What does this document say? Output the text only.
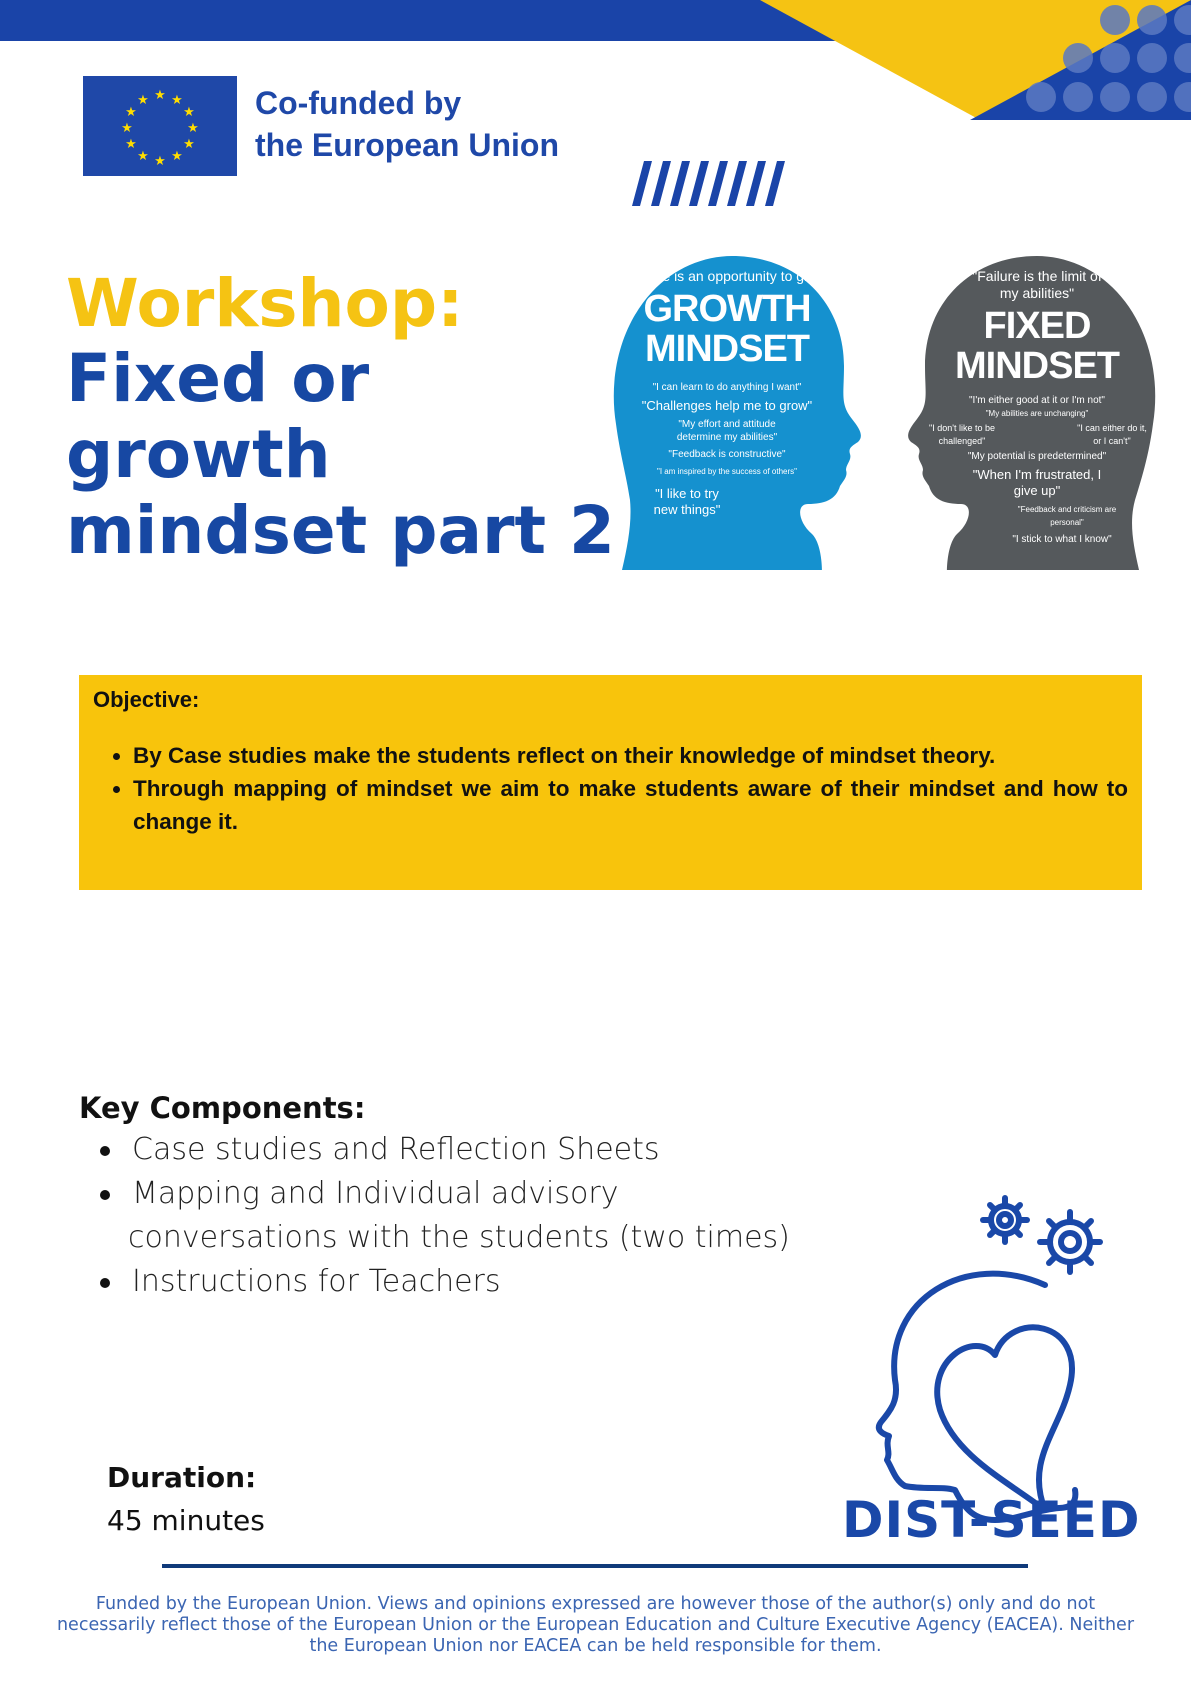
★ ★
★
★
★
★
★
★
★
★
★
★	Co-funded by
the European Union
Workshop:
Fixed or growth mindset part 2
"Failure is an opportunity to grow"
GROWTH
MINDSET
"I can learn to do anything I want"
"Challenges help me to grow"
"My effort and attitude determine my abilities"
"Feedback is constructive"
"I am inspired by the success of others"
"I like to try new things"
"Failure is the limit of my abilities"
FIXED
MINDSET
"I'm either good at it or I'm not"
"My abilities are unchanging"
"I don't like to be challenged"
"I can either do it, or I can't"
"My potential is predetermined"
"When I'm frustrated, I give up"
"Feedback and criticism are personal"
"I stick to what I know"
Objective:
• By Case studies make the students reflect on their knowledge of mindset theory.
• Through mapping of mindset we aim to make students aware of their mindset and how to change it.
Key Components:
Case studies and Reflection Sheets
Mapping and Individual advisory
conversations with the students (two times)
Instructions for Teachers
Duration:
45 minutes	DIST-SEED
Funded by the European Union. Views and opinions expressed are however those of the author(s) only and do not necessarily reflect those of the European Union or the European Education and Culture Executive Agency (EACEA). Neither the European Union nor EACEA can be held responsible for them.
